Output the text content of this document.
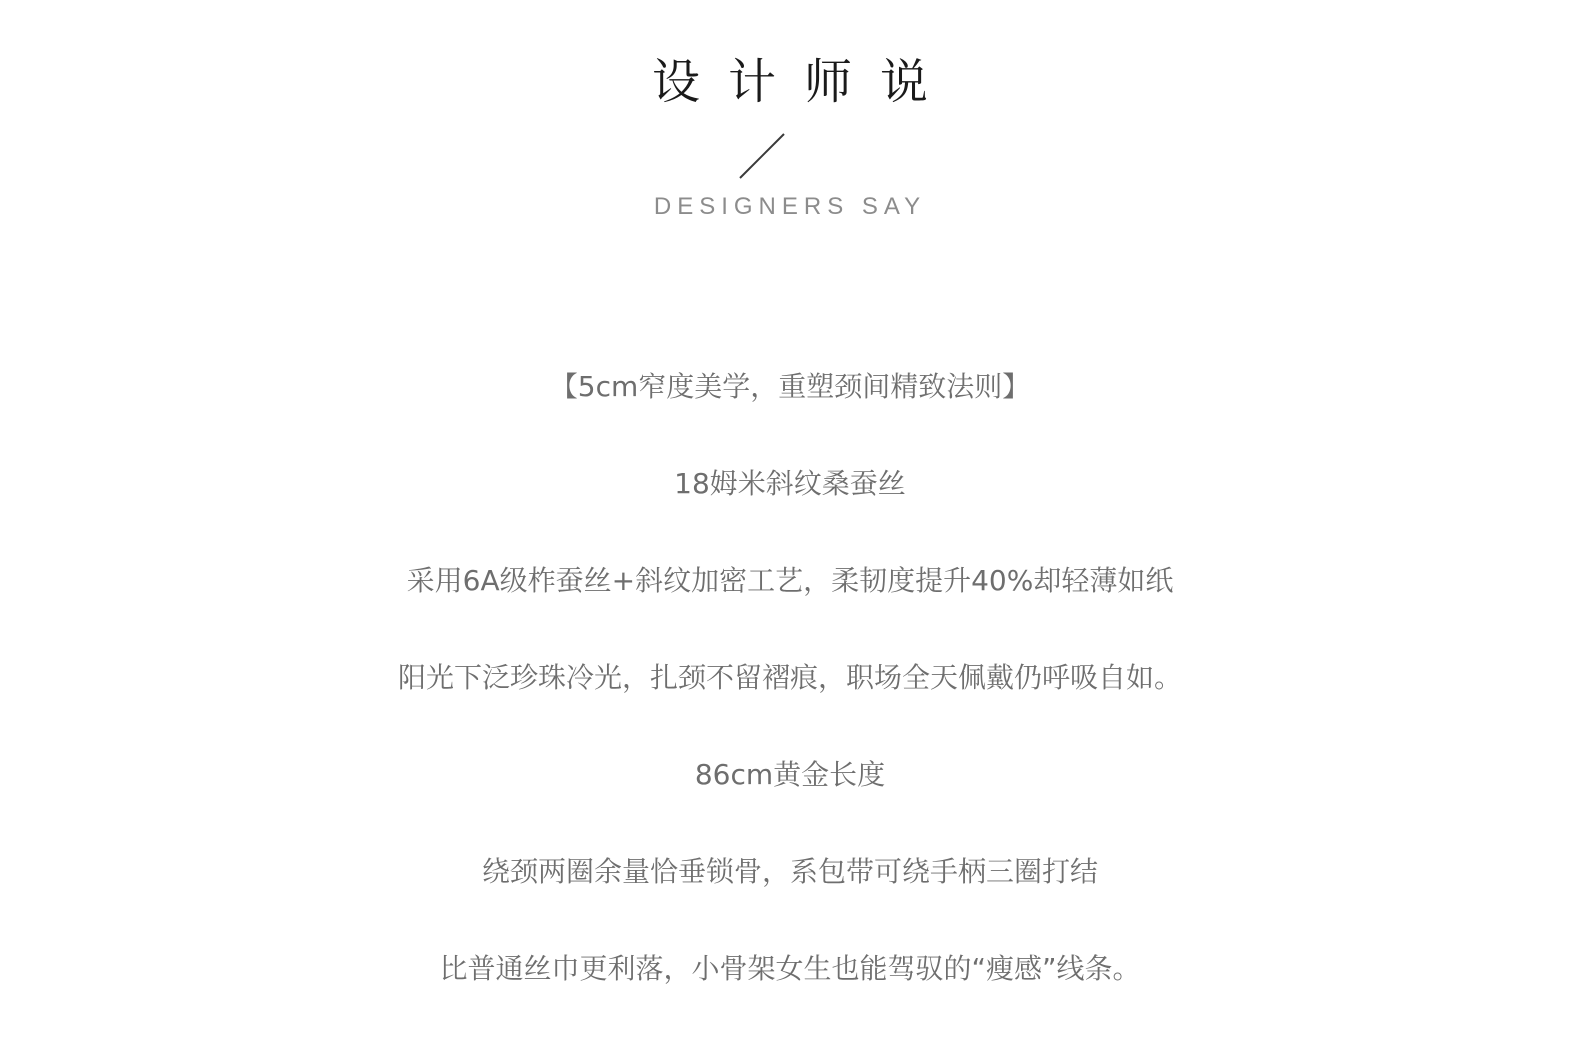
设计师说
DESIGNERS SAY

【5cm窄度美学，重塑颈间精致法则】

18姆米斜纹桑蚕丝

采用6A级柞蚕丝+斜纹加密工艺，柔韧度提升40%却轻薄如纸

阳光下泛珍珠冷光，扎颈不留褶痕，职场全天佩戴仍呼吸自如。

86cm黄金长度

绕颈两圈余量恰垂锁骨，系包带可绕手柄三圈打结

比普通丝巾更利落，小骨架女生也能驾驭的“瘦感”线条。
